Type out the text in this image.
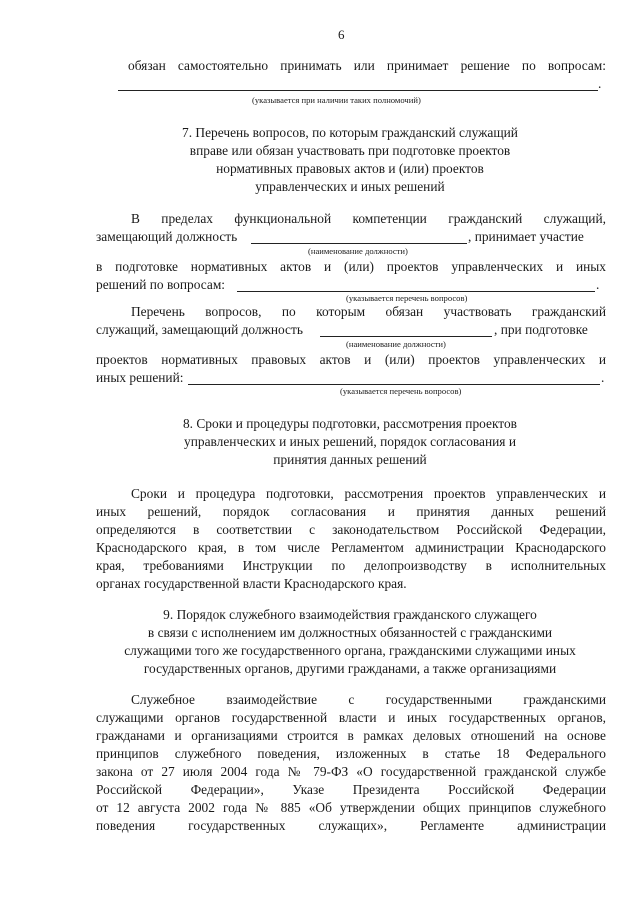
6
обязан самостоятельно принимать или принимает решение по вопросам:
.
(указывается при наличии таких полномочий)
7. Перечень вопросов, по которым гражданский служащий
вправе или обязан участвовать при подготовке проектов
нормативных правовых актов и (или) проектов
управленческих и иных решений
В пределах функциональной компетенции гражданский служащий,
замещающий должность	, принимает участие
(наименование должности)
в подготовке нормативных актов и (или) проектов управленческих и иных
решений по вопросам:	.
(указывается перечень вопросов)
Перечень вопросов, по которым обязан участвовать гражданский
служащий, замещающий должность	, при подготовке
(наименование должности)
проектов нормативных правовых актов и (или) проектов управленческих и
иных решений:	.
(указывается перечень вопросов)
8. Сроки и процедуры подготовки, рассмотрения проектов
управленческих и иных решений, порядок согласования и
принятия данных решений
Сроки и процедура подготовки, рассмотрения проектов управленческих и
иных решений, порядок согласования и принятия данных решений
определяются в соответствии с законодательством Российской Федерации,
Краснодарского края, в том числе Регламентом администрации Краснодарского
края, требованиями Инструкции по делопроизводству в исполнительных
органах государственной власти Краснодарского края.
9. Порядок служебного взаимодействия гражданского служащего
в связи с исполнением им должностных обязанностей с гражданскими
служащими того же государственного органа, гражданскими служащими иных
государственных органов, другими гражданами, а также организациями
Служебное взаимодействие с государственными гражданскими
служащими органов государственной власти и иных государственных органов,
гражданами и организациями строится в рамках деловых отношений на основе
принципов служебного поведения, изложенных в статье 18 Федерального
закона от 27 июля 2004 года № 79-ФЗ «О государственной гражданской службе
Российской Федерации», Указе Президента Российской Федерации
от 12 августа 2002 года № 885 «Об утверждении общих принципов служебного
поведения государственных служащих», Регламенте администрации
